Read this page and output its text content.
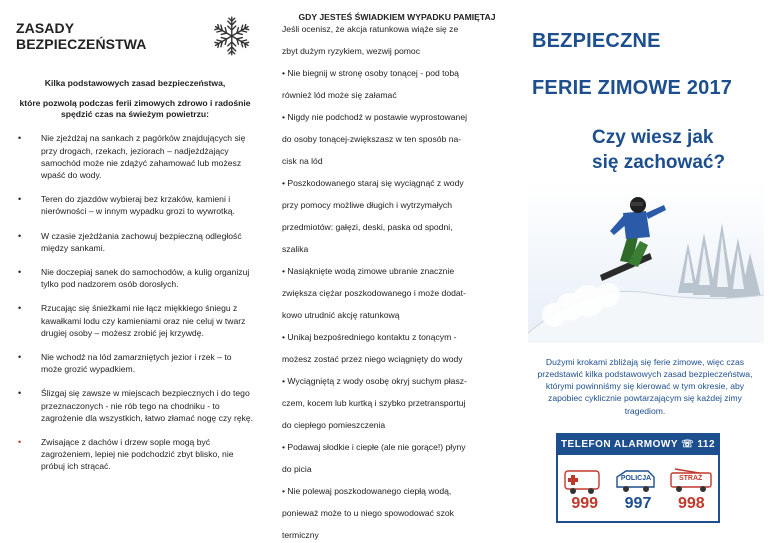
ZASADY BEZPIECZEŃSTWA

Kilka podstawowych zasad bezpieczeństwa,

które pozwolą podczas ferii zimowych zdrowo i radośnie spędzić czas na świeżym powietrzu:

• Nie zjeżdżaj na sankach z pagórków znajdujących się przy drogach, rzekach, jeziorach – nadjeżdżający samochód może nie zdążyć zahamować lub możesz wpaść do wody.
• Teren do zjazdów wybieraj bez krzaków, kamieni i nierówności – w innym wypadku grozi to wywrotką.
• W czasie zjeżdżania zachowuj bezpieczną odległość między sankami.
• Nie doczepiaj sanek do samochodów, a kulig organizuj tylko pod nadzorem osób dorosłych.
• Rzucając się śnieżkami nie łącz miękkiego śniegu z kawałkami lodu czy kamieniami oraz nie celuj w twarz drugiej osoby – możesz zrobić jej krzywdę.
• Nie wchodź na lód zamarzniętych jezior i rzek – to może grozić wypadkiem.
• Ślizgaj się zawsze w miejscach bezpiecznych i do tego przeznaczonych - nie rób tego na chodniku - to zagrożenie dla wszystkich, łatwo złamać nogę czy rękę.
• Zwisające z dachów i drzew sople mogą być zagrożeniem, lepiej nie podchodzić zbyt blisko, nie próbuj ich strącać.
GDY JESTEŚ ŚWIADKIEM WYPADKU PAMIĘTAJ

Jeśli ocenisz, że akcja ratunkowa wiąże się ze

zbyt dużym ryzykiem, wezwij pomoc

• Nie biegnij w stronę osoby tonącej - pod tobą

również lód może się załamać

• Nigdy nie podchodź w postawie wyprostowanej

do osoby tonącej-zwiększasz w ten sposób na-

cisk na lód

• Poszkodowanego staraj się wyciągnąć z wody

przy pomocy możliwe długich i wytrzymałych

przedmiotów: gałęzi, deski, paska od spodni,

szalika

• Nasiąknięte wodą zimowe ubranie znacznie

zwiększa ciężar poszkodowanego i może dodat-

kowo utrudnić akcję ratunkową

• Unikaj bezpośredniego kontaktu z tonącym -

możesz zostać przez niego wciągnięty do wody

• Wyciągniętą z wody osobę okryj suchym płasz-

czem, kocem lub kurtką i szybko przetransportuj

do ciepłego pomieszczenia

• Podawaj słodkie i ciepłe (ale nie gorące!) płyny

do picia

• Nie polewaj poszkodowanego ciepłą wodą,

ponieważ może to u niego spowodować szok

termiczny

BEZPIECZNE
FERIE ZIMOWE 2017
Czy wiesz jak
się zachować?

Dużymi krokami zbliżają się ferie zimowe, więc czas przedstawić kilka podstawowych zasad bezpieczeństwa, którymi powinniśmy się kierować w tym okresie, aby zapobiec cyklicznie powtarzającym się każdej zimy tragediom.

TELEFON ALARMOWY ☏ 112
POLICJA	STRAŻ
999 997 998
